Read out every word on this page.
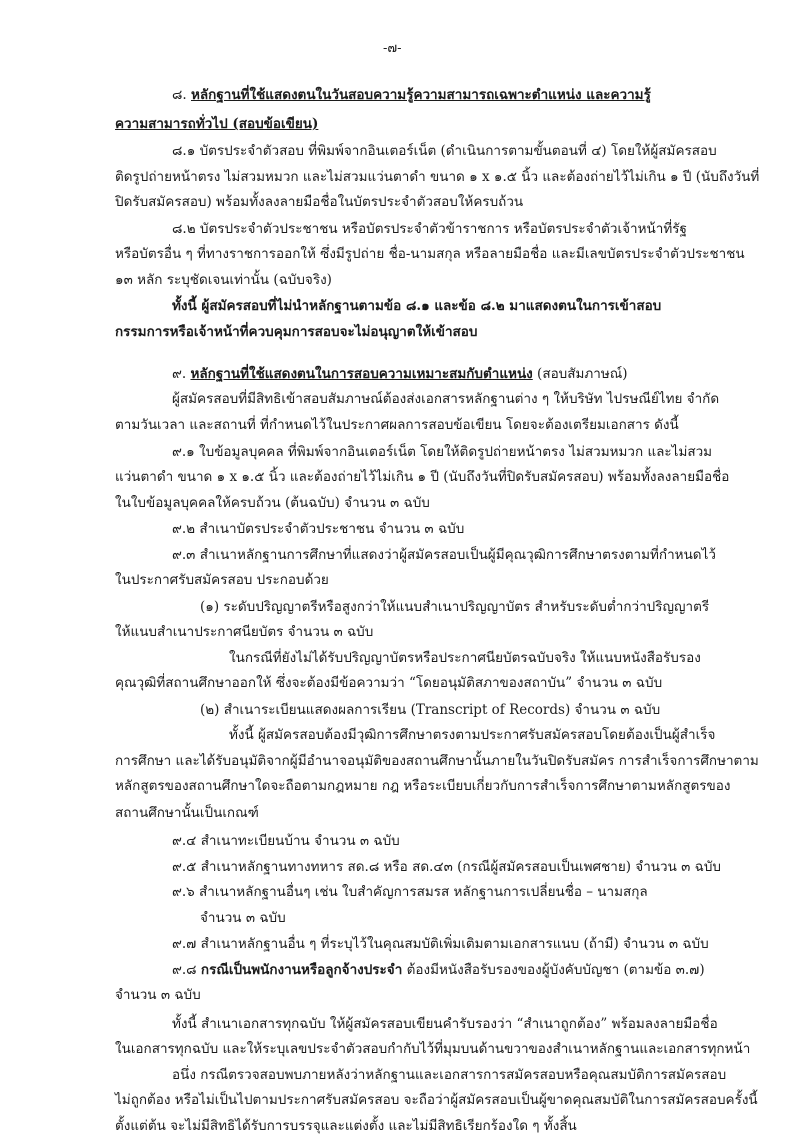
-๗-
๘. หลักฐานที่ใช้แสดงตนในวันสอบความรู้ความสามารถเฉพาะตำแหน่ง และความรู้
ความสามารถทั่วไป (สอบข้อเขียน)
๘.๑ บัตรประจำตัวสอบ ที่พิมพ์จากอินเตอร์เน็ต (ดำเนินการตามขั้นตอนที่ ๔) โดยให้ผู้สมัครสอบ
ติดรูปถ่ายหน้าตรง ไม่สวมหมวก และไม่สวมแว่นตาดำ ขนาด ๑ x ๑.๕ นิ้ว และต้องถ่ายไว้ไม่เกิน ๑ ปี (นับถึงวันที่
ปิดรับสมัครสอบ) พร้อมทั้งลงลายมือชื่อในบัตรประจำตัวสอบให้ครบถ้วน
๘.๒ บัตรประจำตัวประชาชน หรือบัตรประจำตัวข้าราชการ หรือบัตรประจำตัวเจ้าหน้าที่รัฐ
หรือบัตรอื่น ๆ ที่ทางราชการออกให้ ซึ่งมีรูปถ่าย ชื่อ-นามสกุล หรือลายมือชื่อ และมีเลขบัตรประจำตัวประชาชน
๑๓ หลัก ระบุชัดเจนเท่านั้น (ฉบับจริง)
ทั้งนี้ ผู้สมัครสอบที่ไม่นำหลักฐานตามข้อ ๘.๑ และข้อ ๘.๒ มาแสดงตนในการเข้าสอบ
กรรมการหรือเจ้าหน้าที่ควบคุมการสอบจะไม่อนุญาตให้เข้าสอบ
๙. หลักฐานที่ใช้แสดงตนในการสอบความเหมาะสมกับตำแหน่ง (สอบสัมภาษณ์)
ผู้สมัครสอบที่มีสิทธิเข้าสอบสัมภาษณ์ต้องส่งเอกสารหลักฐานต่าง ๆ ให้บริษัท ไปรษณีย์ไทย จำกัด
ตามวันเวลา และสถานที่ ที่กำหนดไว้ในประกาศผลการสอบข้อเขียน โดยจะต้องเตรียมเอกสาร ดังนี้
๙.๑ ใบข้อมูลบุคคล ที่พิมพ์จากอินเตอร์เน็ต โดยให้ติดรูปถ่ายหน้าตรง ไม่สวมหมวก และไม่สวม
แว่นตาดำ ขนาด ๑ x ๑.๕ นิ้ว และต้องถ่ายไว้ไม่เกิน ๑ ปี (นับถึงวันที่ปิดรับสมัครสอบ) พร้อมทั้งลงลายมือชื่อ
ในใบข้อมูลบุคคลให้ครบถ้วน (ต้นฉบับ) จำนวน ๓ ฉบับ
๙.๒ สำเนาบัตรประจำตัวประชาชน จำนวน ๓ ฉบับ
๙.๓ สำเนาหลักฐานการศึกษาที่แสดงว่าผู้สมัครสอบเป็นผู้มีคุณวุฒิการศึกษาตรงตามที่กำหนดไว้
ในประกาศรับสมัครสอบ ประกอบด้วย
(๑) ระดับปริญญาตรีหรือสูงกว่าให้แนบสำเนาปริญญาบัตร สำหรับระดับต่ำกว่าปริญญาตรี
ให้แนบสำเนาประกาศนียบัตร จำนวน ๓ ฉบับ
ในกรณีที่ยังไม่ได้รับปริญญาบัตรหรือประกาศนียบัตรฉบับจริง ให้แนบหนังสือรับรอง
คุณวุฒิที่สถานศึกษาออกให้ ซึ่งจะต้องมีข้อความว่า “โดยอนุมัติสภาของสถาบัน” จำนวน ๓ ฉบับ
(๒) สำเนาระเบียนแสดงผลการเรียน (Transcript of Records) จำนวน ๓ ฉบับ
ทั้งนี้ ผู้สมัครสอบต้องมีวุฒิการศึกษาตรงตามประกาศรับสมัครสอบโดยต้องเป็นผู้สำเร็จ
การศึกษา และได้รับอนุมัติจากผู้มีอำนาจอนุมัติของสถานศึกษานั้นภายในวันปิดรับสมัคร การสำเร็จการศึกษาตาม
หลักสูตรของสถานศึกษาใดจะถือตามกฎหมาย กฎ หรือระเบียบเกี่ยวกับการสำเร็จการศึกษาตามหลักสูตรของ
สถานศึกษานั้นเป็นเกณฑ์
๙.๔ สำเนาทะเบียนบ้าน จำนวน ๓ ฉบับ
๙.๕ สำเนาหลักฐานทางทหาร สด.๘ หรือ สด.๔๓ (กรณีผู้สมัครสอบเป็นเพศชาย) จำนวน ๓ ฉบับ
๙.๖ สำเนาหลักฐานอื่นๆ เช่น ใบสำคัญการสมรส หลักฐานการเปลี่ยนชื่อ – นามสกุล
จำนวน ๓ ฉบับ
๙.๗ สำเนาหลักฐานอื่น ๆ ที่ระบุไว้ในคุณสมบัติเพิ่มเติมตามเอกสารแนบ (ถ้ามี) จำนวน ๓ ฉบับ
๙.๘ กรณีเป็นพนักงานหรือลูกจ้างประจำ ต้องมีหนังสือรับรองของผู้บังคับบัญชา (ตามข้อ ๓.๗)
จำนวน ๓ ฉบับ
ทั้งนี้ สำเนาเอกสารทุกฉบับ ให้ผู้สมัครสอบเขียนคำรับรองว่า “สำเนาถูกต้อง” พร้อมลงลายมือชื่อ
ในเอกสารทุกฉบับ และให้ระบุเลขประจำตัวสอบกำกับไว้ที่มุมบนด้านขวาของสำเนาหลักฐานและเอกสารทุกหน้า
อนึ่ง กรณีตรวจสอบพบภายหลังว่าหลักฐานและเอกสารการสมัครสอบหรือคุณสมบัติการสมัครสอบ
ไม่ถูกต้อง หรือไม่เป็นไปตามประกาศรับสมัครสอบ จะถือว่าผู้สมัครสอบเป็นผู้ขาดคุณสมบัติในการสมัครสอบครั้งนี้
ตั้งแต่ต้น จะไม่มีสิทธิได้รับการบรรจุและแต่งตั้ง และไม่มีสิทธิเรียกร้องใด ๆ ทั้งสิ้น
